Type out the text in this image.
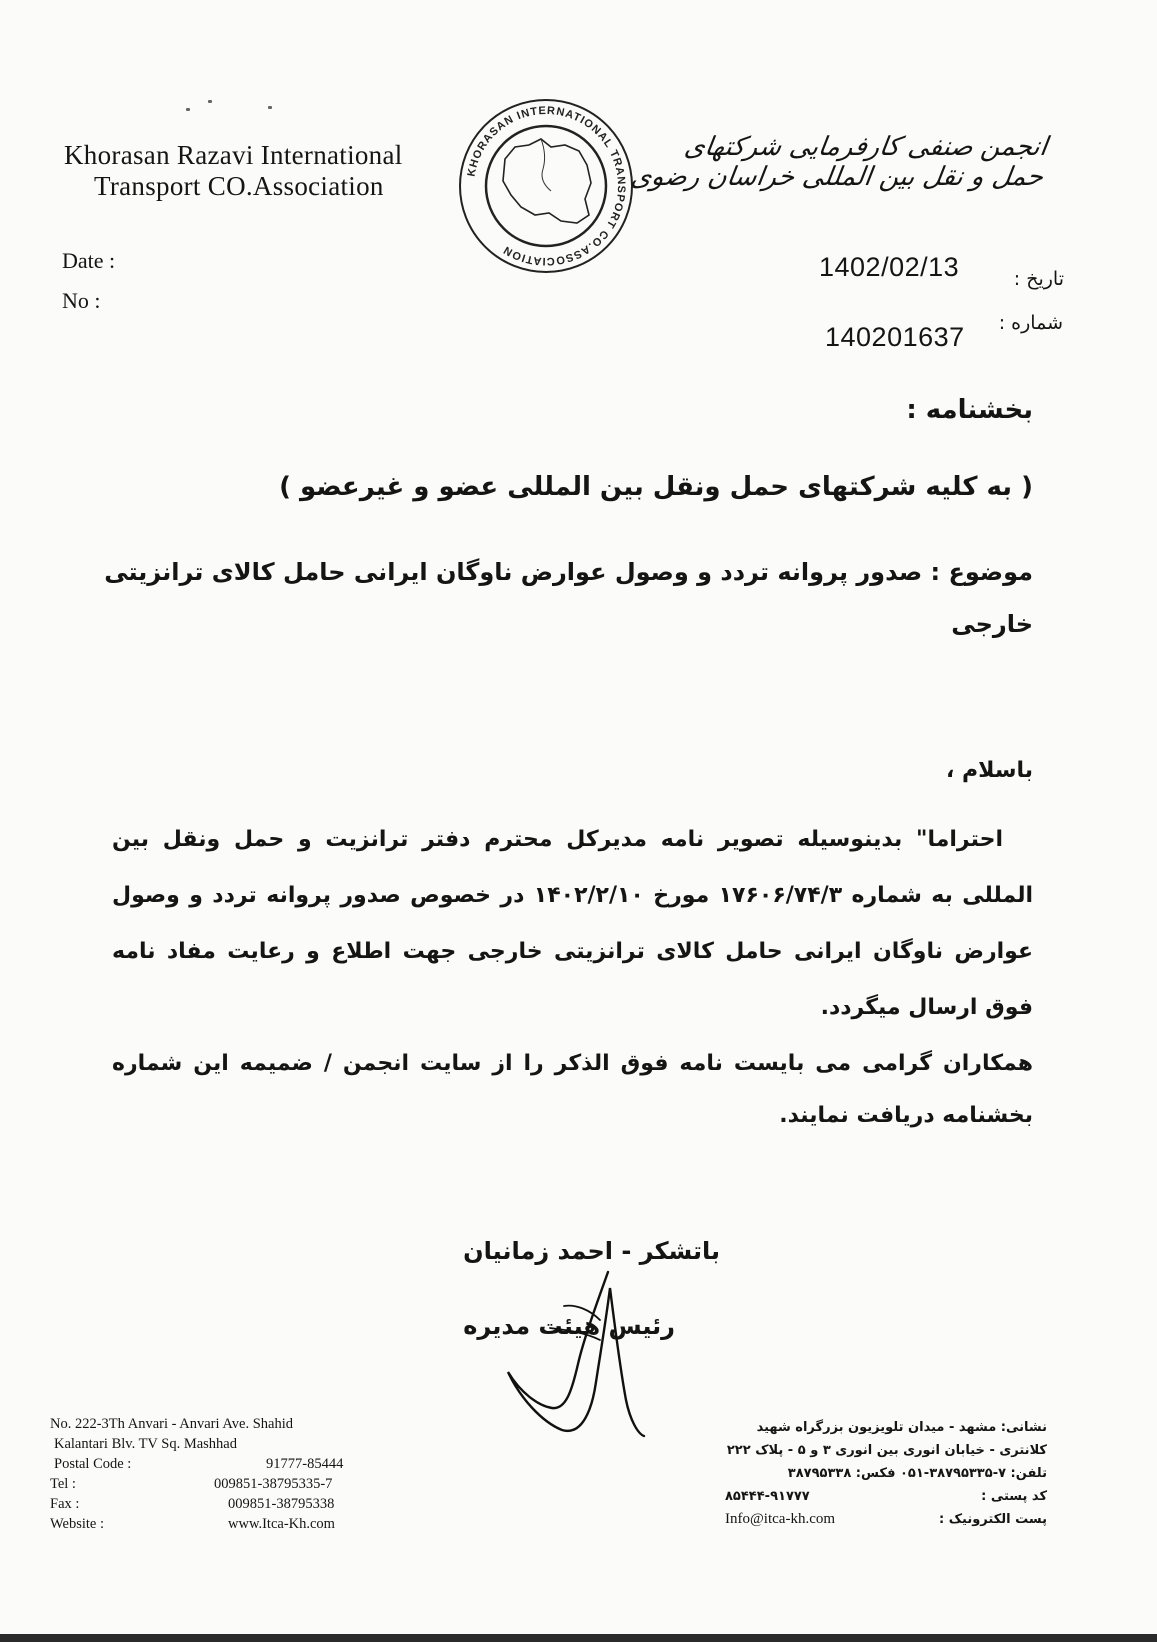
Khorasan Razavi International
Transport CO.Association	KHORASAN INTERNATIONAL TRANSPORT CO.ASSOCIATION
انجمن صنفی کارفرمایی شرکتهای حمل و نقل بین المللی خراسان رضوی
Date :
No :
تاریخ :
1402/02/13
شماره :
140201637
بخشنامه :
( به کلیه شرکتهای حمل ونقل بین المللی عضو و غیرعضو )
موضوع : صدور پروانه تردد و وصول عوارض ناوگان ایرانی حامل کالای ترانزیتی
خارجی
باسلام ،
احتراما" بدینوسیله تصویر نامه مدیرکل محترم دفتر ترانزیت و حمل ونقل بین المللی به شماره ۱۷۶۰۶/۷۴/۳ مورخ ۱۴۰۲/۲/۱۰ در خصوص صدور پروانه تردد و وصول عوارض ناوگان ایرانی حامل کالای ترانزیتی خارجی جهت اطلاع و رعایت مفاد نامه فوق ارسال میگردد.
همکاران گرامی می بایست نامه فوق الذکر را از سایت انجمن / ضمیمه این شماره بخشنامه دریافت نمایند.
باتشکر - احمد زمانیان
رئیس هیئت مدیره
No. 222-3Th Anvari - Anvari Ave. Shahid
Kalantari Blv. TV Sq. Mashhad
Postal Code :	91777-85444
Tel :	009851-38795335-7
Fax :	009851-38795338
Website :	www.Itca-Kh.com
نشانی: مشهد - میدان تلویزیون بزرگراه شهید
کلانتری - خیابان انوری بین انوری ۳ و ۵ - پلاک ۲۲۲
تلفن: ۷-۳۸۷۹۵۳۳۵-۰۵۱ فکس: ۳۸۷۹۵۳۳۸
کد پستی :
۸۵۴۴۴-۹۱۷۷۷
پست الکترونیک :
Info@itca-kh.com
